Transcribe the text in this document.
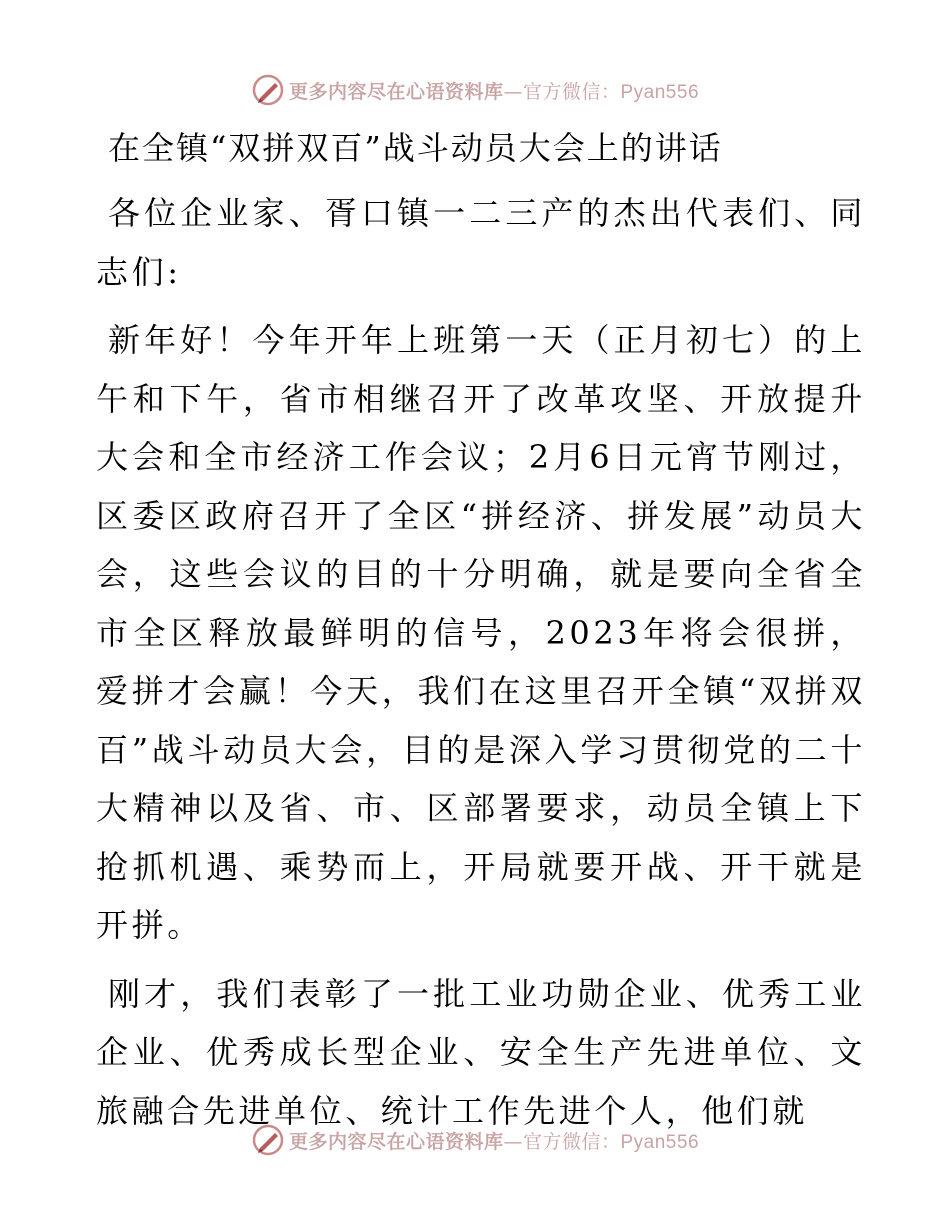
更多内容尽在心语资料库—官方微信：Pyan556
在全镇“双拼双百”战斗动员大会上的讲话

各位企业家、胥口镇一二三产的杰出代表们、同志们:

新年好！今年开年上班第一天（正月初七）的上午和下午，省市相继召开了改革攻坚、开放提升大会和全市经济工作会议；2月6日元宵节刚过，区委区政府召开了全区“拼经济、拼发展”动员大会，这些会议的目的十分明确，就是要向全省全市全区释放最鲜明的信号，2023年将会很拼，爱拼才会赢！今天，我们在这里召开全镇“双拼双百”战斗动员大会，目的是深入学习贯彻党的二十大精神以及省、市、区部署要求，动员全镇上下抢抓机遇、乘势而上，开局就要开战、开干就是开拼。

刚才，我们表彰了一批工业功勋企业、优秀工业企业、优秀成长型企业、安全生产先进单位、文旅融合先进单位、统计工作先进个人，他们就

更多内容尽在心语资料库—官方微信：Pyan556
